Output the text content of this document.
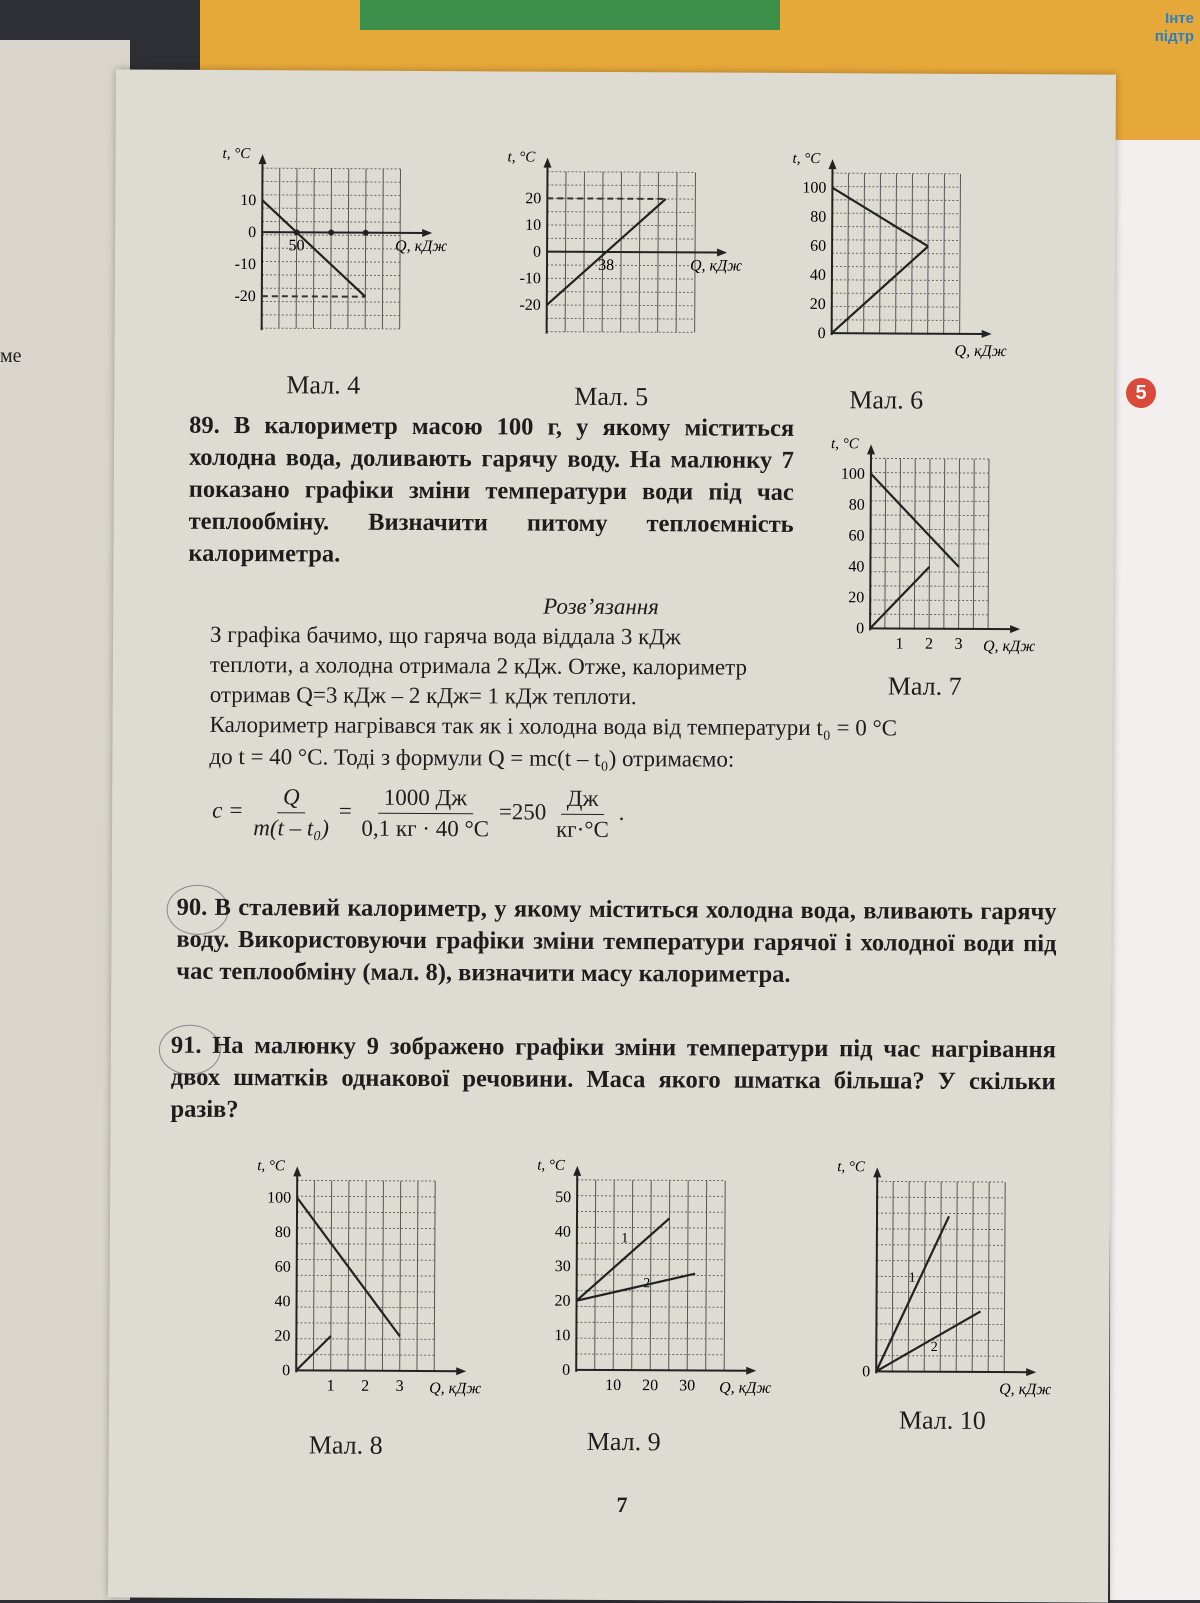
Інте
підтр
ме
t, °C
Q, кДж
10
0
-10
-20
50
t, °C
Q, кДж
20
10
0
-10
-20
38
t, °C
Q, кДж
100
80
60
40
20
0
Мал. 4	Мал. 5	Мал. 6
89. В калориметр масою 100 г, у якому міститься холодна вода, доливають гарячу воду. На малюнку 7 показано графіки зміни температури води під час теплообміну. Визначити питому теплоємність калориметра.
t, °C
Q, кДж
100
80
60
40
20
0
1 2 3
Мал. 7
Розв’язання
З графіка бачимо, що гаряча вода віддала 3 кДж
теплоти, а холодна отримала 2 кДж. Отже, калориметр
отримав Q=3 кДж – 2 кДж= 1 кДж теплоти.
Калориметр нагрівався так як і холодна вода від температури t₀ = 0 °C
до t = 40 °C. Тоді з формули Q = mc(t – t₀) отримаємо:
$c = \frac{Q}{\text{m(t – t₀)}} = \frac{1000 Дж}{0,1 кг \cdot 40 ^\circ C} =250 \frac{Дж}{кг\cdot^\circ C}$ .
90. В сталевий калориметр, у якому міститься холодна вода, вливають гарячу воду. Використовуючи графіки зміни температури гарячої і холодної води під час теплообміну (мал. 8), визначити масу калориметра.
91. На малюнку 9 зображено графіки зміни температури під час нагрівання двох шматків однакової речовини. Маса якого шматка більша? У скільки разів?
t, °C
Q, кДж
100
80
60
40
20
0
1 2 3
t, °C
Q, кДж
50
40
30
20
10
0
10 20 30
1
2
t, °C
Q, кДж
0
1
2
Мал. 8	Мал. 9
Мал. 10
7
5
